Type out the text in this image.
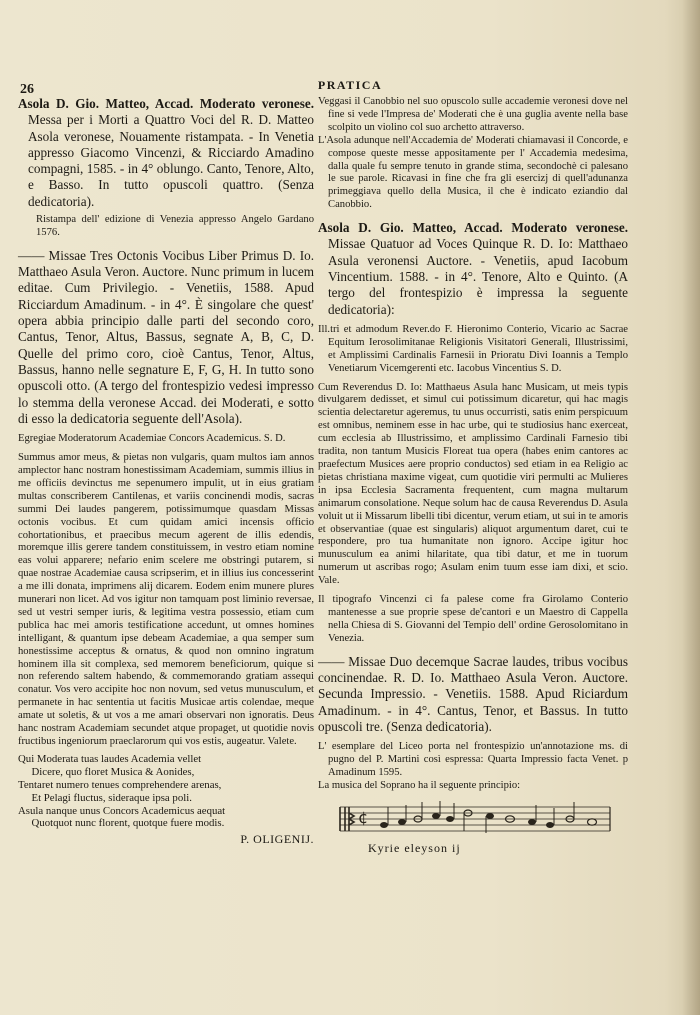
26	PRATICA

Asola D. Gio. Matteo, Accad. Moderato veronese. Messa per i Morti a Quattro Voci del R. D. Matteo Asola veronese, Nouamente ristampata. - In Venetia appresso Giacomo Vincenzi, & Ricciardo Amadino compagni, 1585. - in 4° oblungo. Canto, Tenore, Alto, e Basso. In tutto opuscoli quattro. (Senza dedicatoria).

Ristampa dell' edizione di Venezia appresso Angelo Gardano 1576.

—— Missae Tres Octonis Vocibus Liber Primus D. Io. Matthaeo Asula Veron. Auctore. Nunc primum in lucem editae. Cum Privilegio. - Venetiis, 1588. Apud Ricciardum Amadinum. - in 4°. È singolare che quest' opera abbia principio dalle parti del secondo coro, Cantus, Tenor, Altus, Bassus, segnate A, B, C, D. Quelle del primo coro, cioè Cantus, Tenor, Altus, Bassus, hanno nelle segnature E, F, G, H. In tutto sono opuscoli otto. (A tergo del frontespizio vedesi impresso lo stemma della veronese Accad. dei Moderati, e sotto di esso la dedicatoria seguente dell'Asola).

Egregiae Moderatorum Academiae Concors Academicus. S. D.

Summus amor meus, & pietas non vulgaris, quam multos iam annos amplector hanc nostram honestissimam Academiam, summis illius in me officiis devinctus me sepenumero impulit, ut in eius gratiam multas conscriberem Cantilenas, et variis concinendi modis, sacras summi Dei laudes pangerem, potissimumque quasdam Missas octonis vocibus. Et cum quidam amici incensis officio cohortationibus, et praecibus mecum agerent de illis edendis, moremque illis gerere tandem constituissem, in vestro etiam nomine eas volui apparere; nefario enim scelere me obstringi putarem, si quae nostrae Academiae causa scripserim, et in illius ius concesserint a me illi donata, imprimens alij dicarem. Eodem enim munere plures munerari non licet. Ad vos igitur non tamquam post liminio reversae, sed ut vestri semper iuris, & legitima vestra possessio, etiam cum publica hac mei amoris testificatione accedunt, ut omnes homines intelligant, & quantum ipse debeam Academiae, a qua semper sum honestissime acceptus & ornatus, & quod non omnino ingratum hominem illa sit complexa, sed memorem beneficiorum, quique si non referendo saltem habendo, & commemorando gratiam assequi conatur. Vos vero accipite hoc non novum, sed vetus munusculum, et permanete in hac sententia ut facitis Musicae artis colendae, meque amate ut soletis, & ut vos a me amari observari non ignoratis. Deus hanc nostram Academiam secundet atque propaget, ut quotidie novis fructibus ingeniorum praeclarorum qui vos estis, augeatur. Valete.

Qui Moderata tuas laudes Academia vellet

Dicere, quo floret Musica & Aonides,

Tentaret numero tenues comprehendere arenas,

Et Pelagi fluctus, sideraque ipsa poli.

Asula nanque unus Concors Academicus aequat

Quotquot nunc florent, quotque fuere modis.

P. OLIGENIJ.

Veggasi il Canobbio nel suo opuscolo sulle accademie veronesi dove nel fine si vede l'Impresa de' Moderati che è una guglia avente nella base scolpito un violino col suo archetto attraverso.

L'Asola adunque nell'Accademia de' Moderati chiamavasi il Concorde, e compose queste messe appositamente per l' Accademia medesima, dalla quale fu sempre tenuto in grande stima, secondochè ci palesano le sue parole. Ricavasi in fine che fra gli esercizj di quell'adunanza primeggiava quello della Musica, il che è indicato eziandio dal Canobbio.

Asola D. Gio. Matteo, Accad. Moderato veronese. Missae Quatuor ad Voces Quinque R. D. Io: Matthaeo Asula veronensi Auctore. - Venetiis, apud Iacobum Vincentium. 1588. - in 4°. Tenore, Alto e Quinto. (A tergo del frontespizio è impressa la seguente dedicatoria):

Ill.tri et admodum Rever.do F. Hieronimo Conterio, Vicario ac Sacrae Equitum Ierosolimitanae Religionis Visitatori Generali, Illustrissimi, et Amplissimi Cardinalis Farnesii in Prioratu Divi Ioannis a Templo Venetiarum Vicemgerenti etc. Iacobus Vincentius S. D.

Cum Reverendus D. Io: Matthaeus Asula hanc Musicam, ut meis typis divulgarem dedisset, et simul cui potissimum dicaretur, qui hac magis scientia delectaretur ageremus, tu unus occurristi, satis enim perspicuum est omnibus, neminem esse in hac urbe, qui te studiosius hanc exerceat, cum ecclesia ab Illustrissimo, et amplissimo Cardinali Farnesio tibi tradita, non tantum Musicis Floreat tua opera (habes enim cantores ac praefectum Musices aere proprio conductos) sed etiam in ea Religio ac pietas christiana maxime vigeat, cum quotidie viri permulti ac Mulieres in ipsa Ecclesia Sacramenta frequentent, cum magna multarum animarum consolatione. Neque solum hac de causa Reverendus D. Asula voluit ut ii Missarum libelli tibi dicentur, verum etiam, ut sui in te amoris et observantiae (quae est singularis) aliquot argumentum daret, cui te respondere, pro tua humanitate non ignoro. Accipe igitur hoc munusculum ea animi hilaritate, qua tibi datur, et me in tuorum numerum ut ascribas rogo; Asulam enim tuum esse iam dixi, et scio. Vale.

Il tipografo Vincenzi ci fa palese come fra Girolamo Conterio mantenesse a sue proprie spese de'cantori e un Maestro di Cappella nella Chiesa di S. Giovanni del Tempio dell' ordine Gerosolomitano in Venezia.

—— Missae Duo decemque Sacrae laudes, tribus vocibus concinendae. R. D. Io. Matthaeo Asula Veron. Auctore. Secunda Impressio. - Venetiis. 1588. Apud Riciardum Amadinum. - in 4°. Cantus, Tenor, et Bassus. In tutto opuscoli tre. (Senza dedicatoria).

L' esemplare del Liceo porta nel frontespizio un'annotazione ms. di pugno del P. Martini così espressa: Quarta Impressio facta Venet. p Amadinum 1595.

La musica del Soprano ha il seguente principio:

¢
Kyrie eleyson ij
